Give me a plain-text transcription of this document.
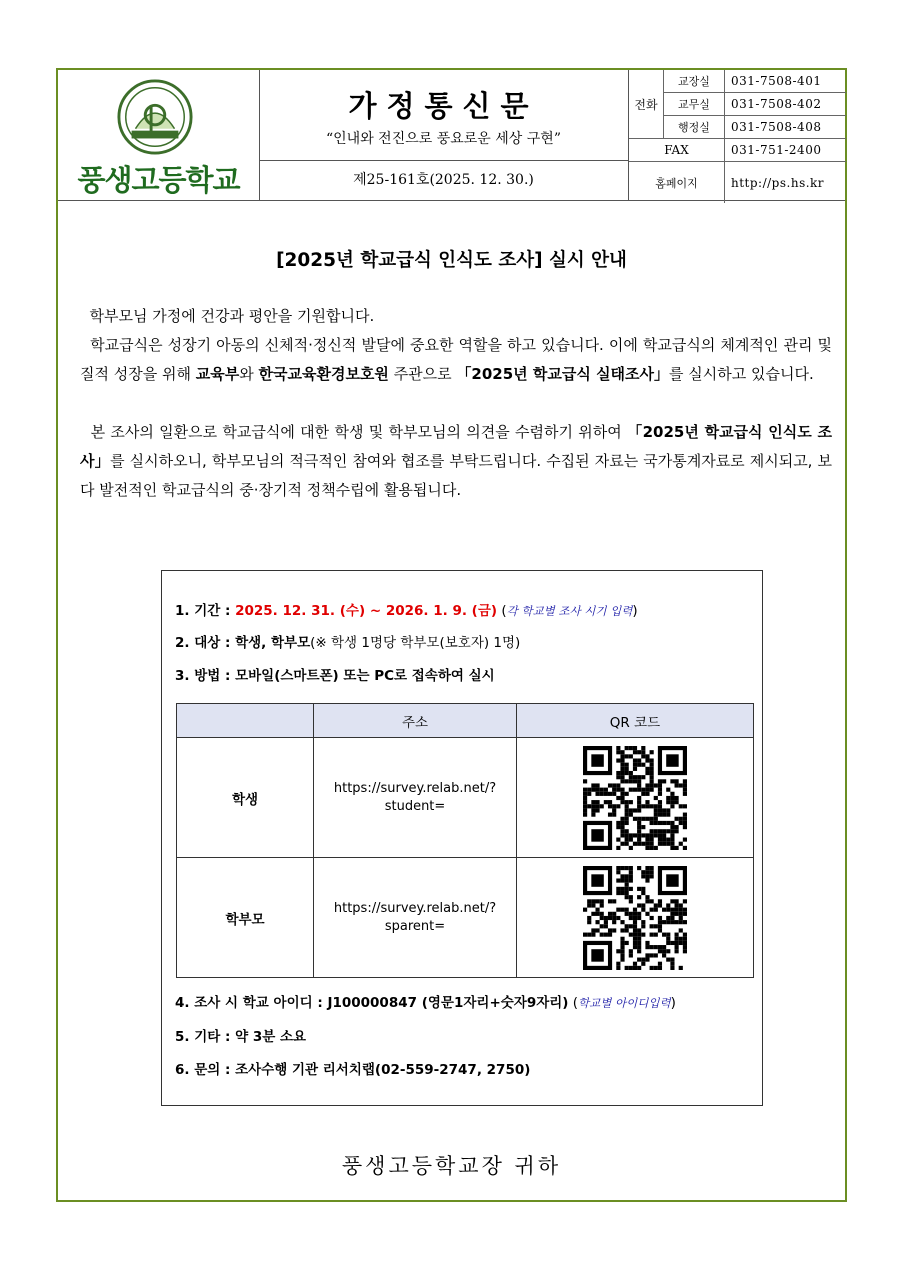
풍생고등학교
가정통신문
“인내와 전진으로 풍요로운 세상 구현”
제25-161호(2025. 12. 30.)
전화	교장실	031-7508-401
	교무실	031-7508-402
	행정실	031-7508-408
FAX		031-751-2400
홈페이지		http://ps.hs.kr
[2025년 학교급식 인식도 조사] 실시 안내

학부모님 가정에 건강과 평안을 기원합니다.

학교급식은 성장기 아동의 신체적·정신적 발달에 중요한 역할을 하고 있습니다. 이에 학교급식의 체계적인 관리 및 질적 성장을 위해 교육부와 한국교육환경보호원 주관으로 「2025년 학교급식 실태조사」를 실시하고 있습니다.

본 조사의 일환으로 학교급식에 대한 학생 및 학부모님의 의견을 수렴하기 위하여 「2025년 학교급식 인식도 조사」를 실시하오니, 학부모님의 적극적인 참여와 협조를 부탁드립니다. 수집된 자료는 국가통계자료로 제시되고, 보다 발전적인 학교급식의 중·장기적 정책수립에 활용됩니다.

1. 기간 : 2025. 12. 31. (수) ~ 2026. 1. 9. (금) (각 학교별 조사 시기 입력)
2. 대상 : 학생, 학부모(※ 학생 1명당 학부모(보호자) 1명)
3. 방법 : 모바일(스마트폰) 또는 PC로 접속하여 실시
	주소	QR 코드
학생	https://survey.relab.net/?student=	

학부모	https://survey.relab.net/?sparent=	
4. 조사 시 학교 아이디 : J100000847 (영문1자리+숫자9자리) (학교별 아이디입력)
5. 기타 : 약 3분 소요
6. 문의 : 조사수행 기관 리서치랩(02-559-2747, 2750)
풍생고등학교장 귀하
